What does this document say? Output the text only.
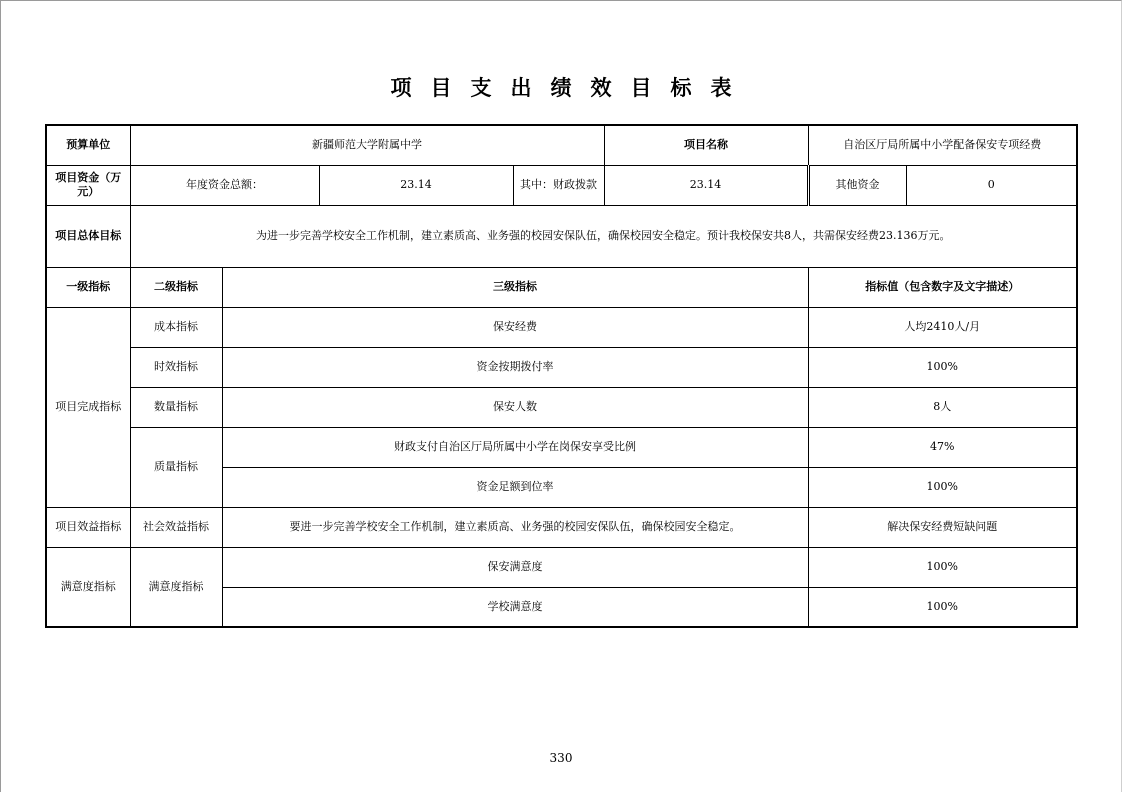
项目支出绩效目标表
预算单位	新疆师范大学附属中学				项目名称	自治区厅局所属中小学配备保安专项经费	
项目资金（万元）	年度资金总额：		23.14	其中：财政拨款	23.14	其他资金	0
项目总体目标	为进一步完善学校安全工作机制，建立素质高、业务强的校园安保队伍，确保校园安全稳定。预计我校保安共8人，共需保安经费23.136万元。						
一级指标	二级指标	三级指标				指标值（包含数字及文字描述）	
项目完成指标	成本指标	保安经费				人均2410人/月	
	时效指标	资金按期拨付率				100%	
	数量指标	保安人数				8人	
	质量指标	财政支付自治区厅局所属中小学在岗保安享受比例				47%	
		资金足额到位率				100%	
项目效益指标	社会效益指标	要进一步完善学校安全工作机制，建立素质高、业务强的校园安保队伍，确保校园安全稳定。				解决保安经费短缺问题	
满意度指标	满意度指标	保安满意度				100%	
		学校满意度				100%	
330
